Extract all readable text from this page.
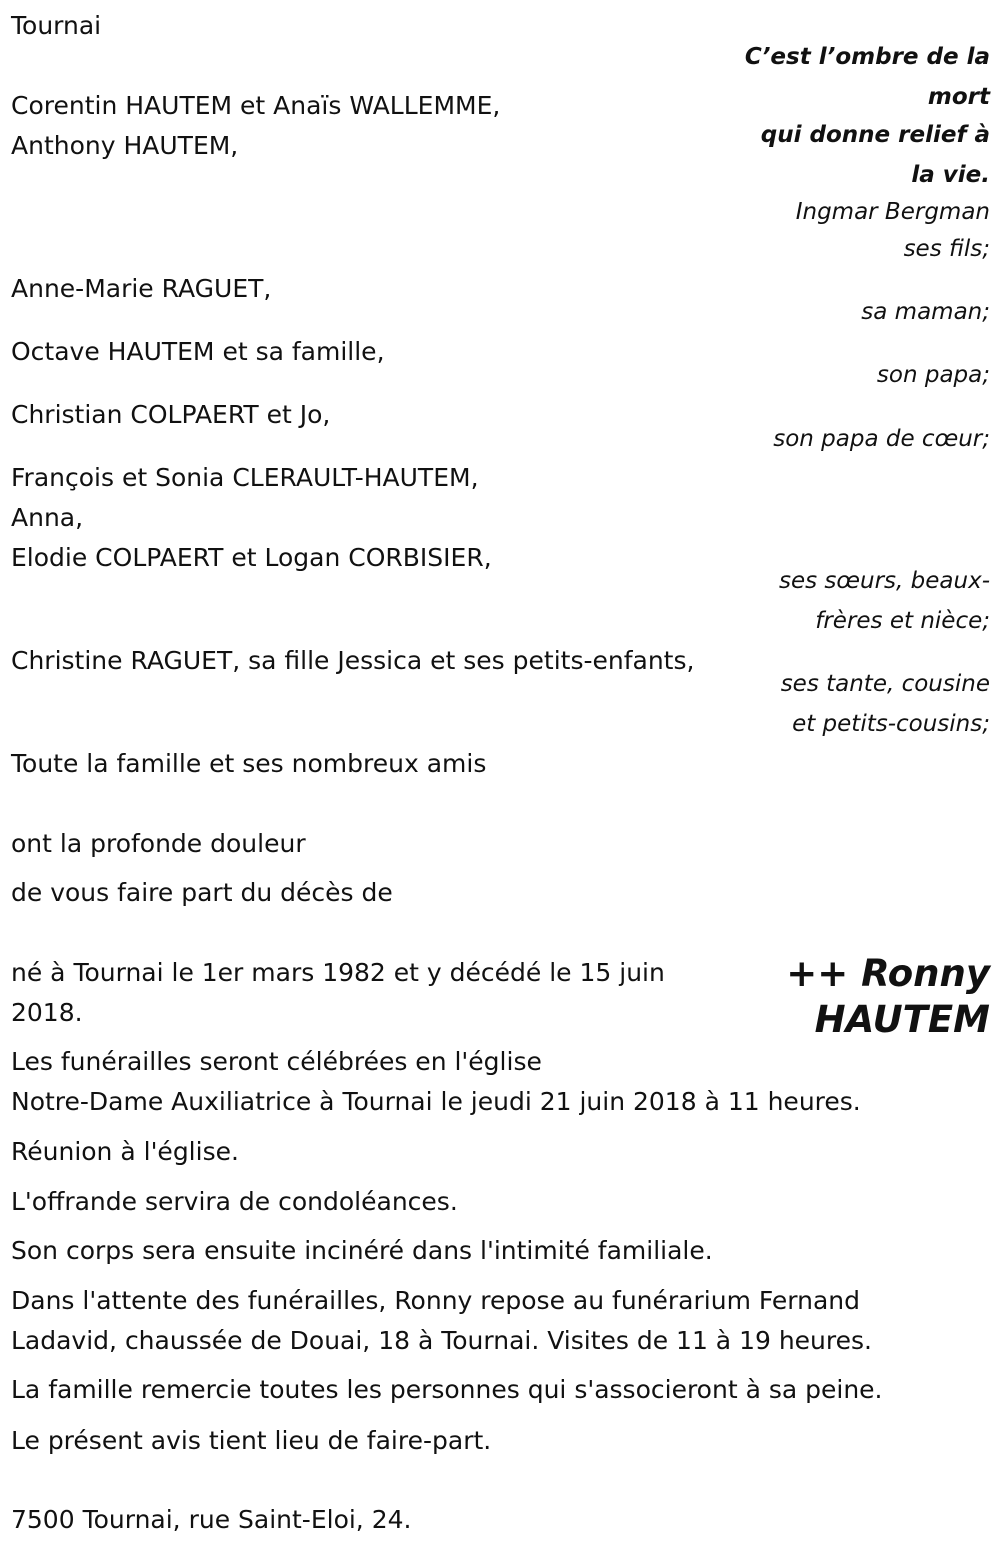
Tournai
Corentin HAUTEM et Anaïs WALLEMME,
Anthony HAUTEM,
Anne-Marie RAGUET,
Octave HAUTEM et sa famille,
Christian COLPAERT et Jo,
François et Sonia CLERAULT-HAUTEM,
Anna,
Elodie COLPAERT et Logan CORBISIER,
Christine RAGUET, sa fille Jessica et ses petits-enfants,
Toute la famille et ses nombreux amis
ont la profonde douleur
de vous faire part du décès de
né à Tournai le 1er mars 1982 et y décédé le 15 juin
2018.
Les funérailles seront célébrées en l'église
Notre-Dame Auxiliatrice à Tournai le jeudi 21 juin 2018 à 11 heures.
Réunion à l'église.
L'offrande servira de condoléances.
Son corps sera ensuite incinéré dans l'intimité familiale.
Dans l'attente des funérailles, Ronny repose au funérarium Fernand
Ladavid, chaussée de Douai, 18 à Tournai. Visites de 11 à 19 heures.
La famille remercie toutes les personnes qui s'associeront à sa peine.
Le présent avis tient lieu de faire-part.
7500 Tournai, rue Saint-Eloi, 24.
C’est l’ombre de la
mort
qui donne relief à
la vie.
Ingmar Bergman
ses fils;
sa maman;
son papa;
son papa de cœur;
ses sœurs, beaux-
frères et nièce;
ses tante, cousine
et petits-cousins;
++ Ronny
HAUTEM
